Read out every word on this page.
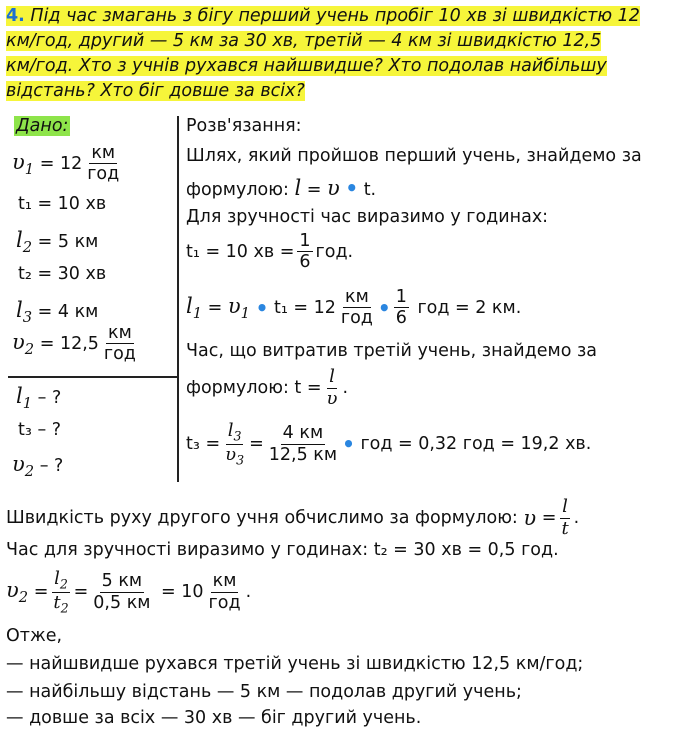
4. Під час змагань з бігу перший учень пробіг 10 хв зі швидкістю 12
км/год, другий — 5 км за 30 хв, третій — 4 км зі швидкістю 12,5
км/год. Хто з учнів рухався найшвидше? Хто подолав найбільшу
відстань? Хто біг довше за всіх?
Дано:
$\upsilon_1 = 12 \frac{км}{\text{год}}$
t₁ = 10 хв
$l_2 = 5$ км
t₂ = 30 хв
$l_3 = 4$ км
$\upsilon_2 = 12,5 \frac{км}{\text{год}}$
$l_1$ – ?
t₃ – ?
$\upsilon_2$ – ?
Розв'язання:
Шлях, який пройшов перший учень, знайдемо за
формулою: l = υ • t.
Для зручності час виразимо у годинах:
t₁ = 10 хв = $\frac{1}{6}$ год.
$l_1 = \upsilon_1$
•
$t_1 = 12 \frac{км}{\text{год}}$ • $\frac{1}{6}$
год = 2 км.
Час, що витратив третій учень, знайдемо за
формулою: $t = \frac{l}{\upsilon}$ .
$t_3 = \frac{l_3}{\upsilon_3} = \frac{4 км}{12,5 км}$ •
год = 0,32 год = 19,2 хв.
Швидкість руху другого учня обчислимо за формулою:
$\upsilon = \frac{l}{t}$ .
Час для зручності виразимо у годинах: t₂ = 30 хв = 0,5 год.
$\upsilon_2 = \frac{l_2}{t_2} = \frac{5 км}{0,5 км}$
= $10 \frac{км}{\text{год}}$ .
Отже,
— найшвидше рухався третій учень зі швидкістю 12,5 км/год;
— найбільшу відстань — 5 км — подолав другий учень;
— довше за всіх — 30 хв — біг другий учень.
